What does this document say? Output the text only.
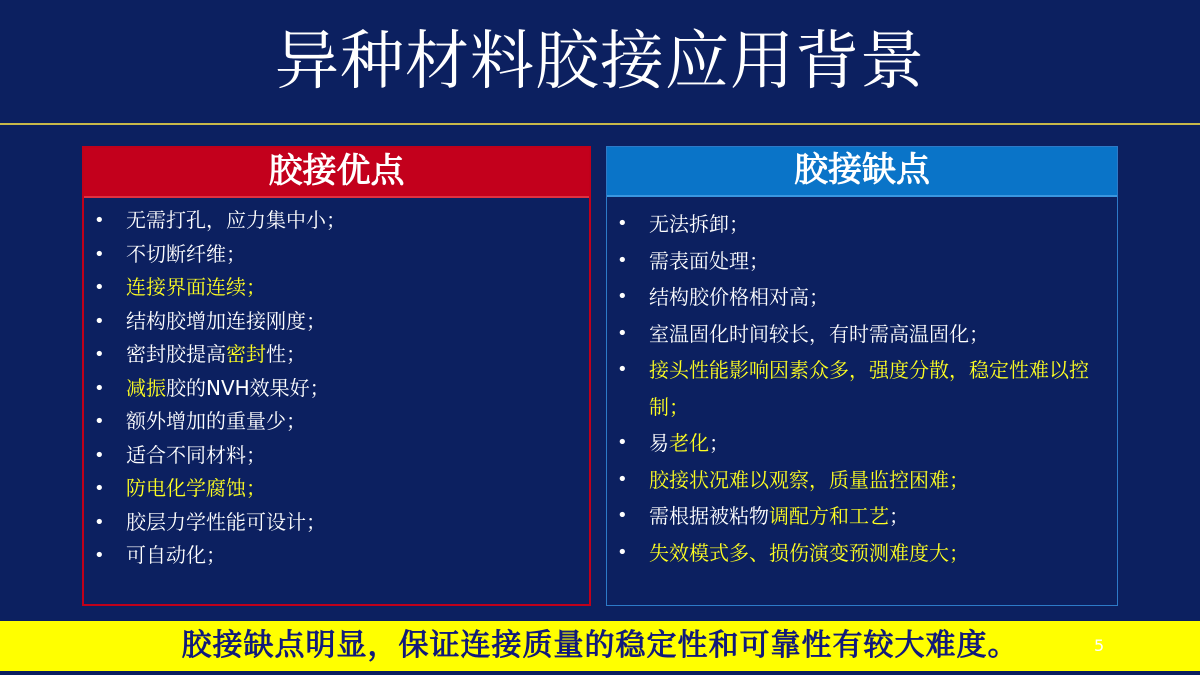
异种材料胶接应用背景
胶接优点
• 无需打孔，应力集中小；
• 不切断纤维；
• 连接界面连续；
• 结构胶增加连接刚度；
• 密封胶提高密封性；
• 减振胶的NVH效果好；
• 额外增加的重量少；
• 适合不同材料；
• 防电化学腐蚀；
• 胶层力学性能可设计；
• 可自动化；
胶接缺点
• 无法拆卸；
• 需表面处理；
• 结构胶价格相对高；
• 室温固化时间较长，有时需高温固化；
• 接头性能影响因素众多，强度分散，稳定性难以控制；
• 易老化；
• 胶接状况难以观察，质量监控困难；
• 需根据被粘物调配方和工艺；
• 失效模式多、损伤演变预测难度大；
胶接缺点明显，保证连接质量的稳定性和可靠性有较大难度。	5
